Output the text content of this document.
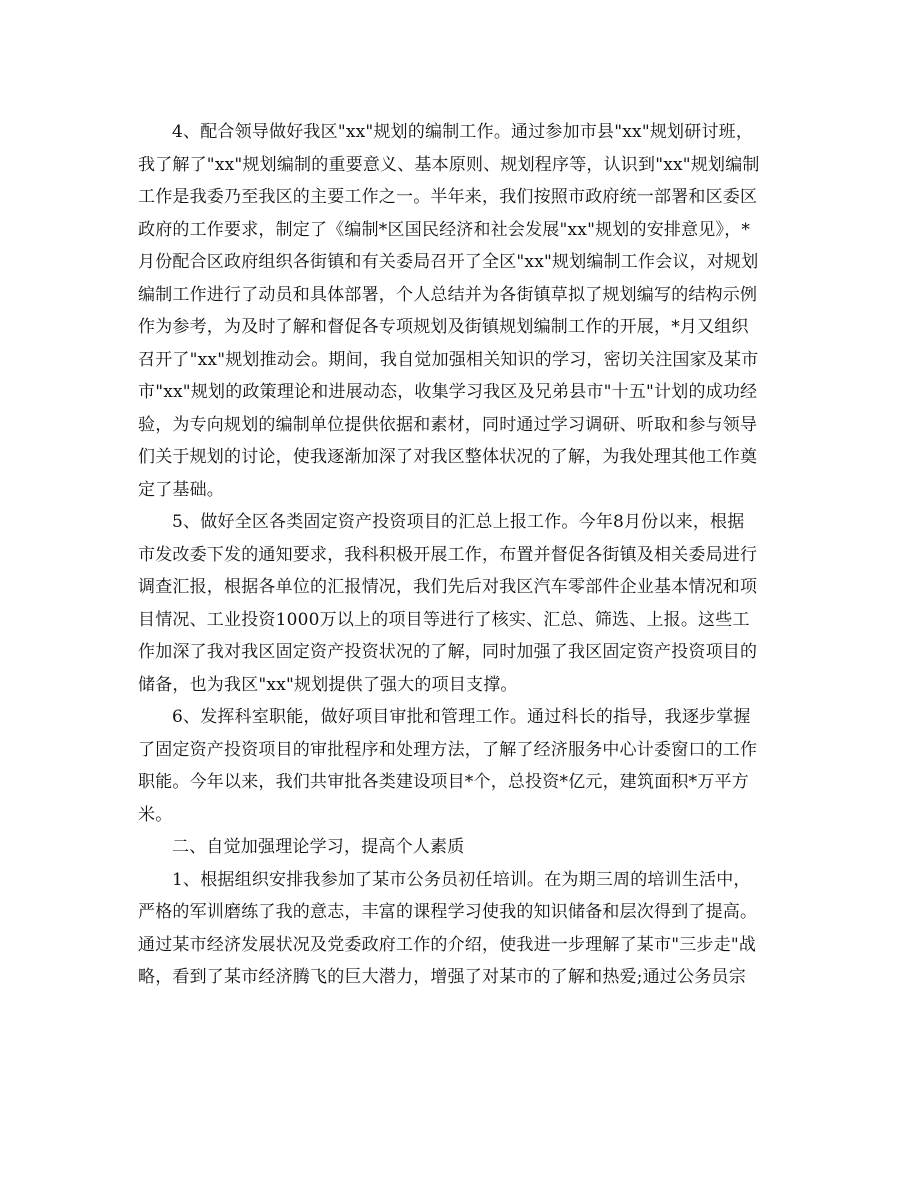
4、配合领导做好我区"xx"规划的编制工作。通过参加市县"xx"规划研讨班，
我了解了"xx"规划编制的重要意义、基本原则、规划程序等，认识到"xx"规划编制
工作是我委乃至我区的主要工作之一。半年来，我们按照市政府统一部署和区委区
政府的工作要求，制定了《编制*区国民经济和社会发展"xx"规划的安排意见》，*
月份配合区政府组织各街镇和有关委局召开了全区"xx"规划编制工作会议，对规划
编制工作进行了动员和具体部署，个人总结并为各街镇草拟了规划编写的结构示例
作为参考，为及时了解和督促各专项规划及街镇规划编制工作的开展，*月又组织
召开了"xx"规划推动会。期间，我自觉加强相关知识的学习，密切关注国家及某市
市"xx"规划的政策理论和进展动态，收集学习我区及兄弟县市"十五"计划的成功经
验，为专向规划的编制单位提供依据和素材，同时通过学习调研、听取和参与领导
们关于规划的讨论，使我逐渐加深了对我区整体状况的了解，为我处理其他工作奠
定了基础。
5、做好全区各类固定资产投资项目的汇总上报工作。今年8月份以来，根据
市发改委下发的通知要求，我科积极开展工作，布置并督促各街镇及相关委局进行
调查汇报，根据各单位的汇报情况，我们先后对我区汽车零部件企业基本情况和项
目情况、工业投资1000万以上的项目等进行了核实、汇总、筛选、上报。这些工
作加深了我对我区固定资产投资状况的了解，同时加强了我区固定资产投资项目的
储备，也为我区"xx"规划提供了强大的项目支撑。
6、发挥科室职能，做好项目审批和管理工作。通过科长的指导，我逐步掌握
了固定资产投资项目的审批程序和处理方法，了解了经济服务中心计委窗口的工作
职能。今年以来，我们共审批各类建设项目*个，总投资*亿元，建筑面积*万平方
米。
二、自觉加强理论学习，提高个人素质
1、根据组织安排我参加了某市公务员初任培训。在为期三周的培训生活中，
严格的军训磨练了我的意志，丰富的课程学习使我的知识储备和层次得到了提高。
通过某市经济发展状况及党委政府工作的介绍，使我进一步理解了某市"三步走"战
略，看到了某市经济腾飞的巨大潜力，增强了对某市的了解和热爱;通过公务员宗
